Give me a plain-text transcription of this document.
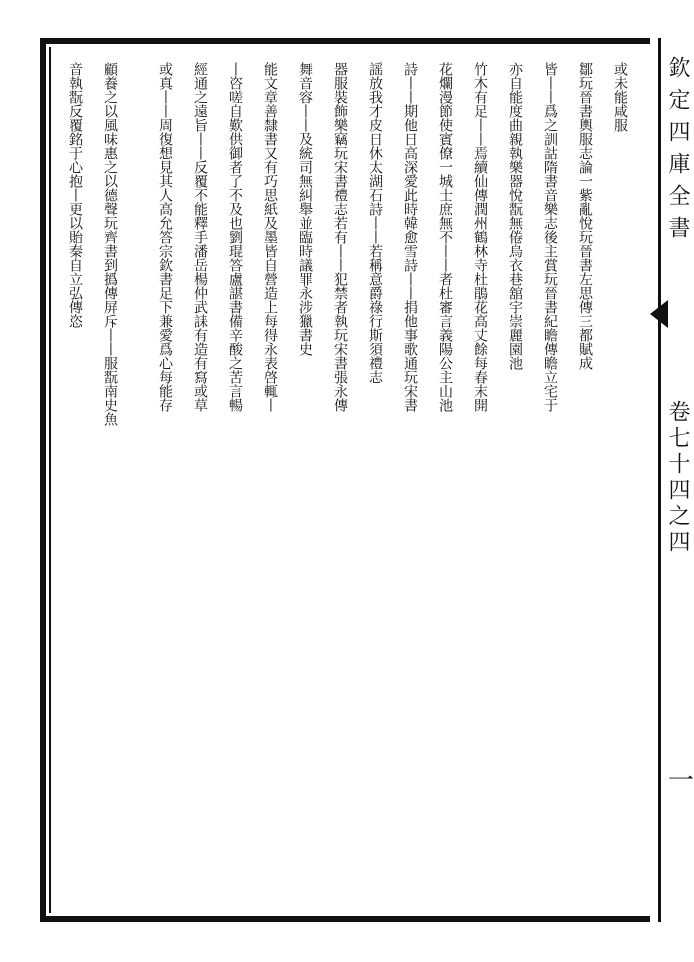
欽定四庫全書
卷七十四之四
一
或未能咸服
鄒玩晉書輿服志論一紫亂悅玩晉書左思傳三都賦成
皆丨丨爲之訓詁隋書音樂志後主賞玩晉書紀瞻傳瞻立宅于
亦自能度曲親執樂器悅翫無倦烏衣巷舘宇崇麗園池
竹木有足丨丨焉續仙傳潤州鶴林寺杜鵑花高丈餘每春末開
花爛漫節使賓僚一城士庶無不丨丨者杜審言義陽公主山池
詩丨丨期他日高深愛此時韓愈雪詩丨丨捐他事歌通玩宋書
謡放我才皮日休太湖石詩丨丨若稱意爵祿行斯須禮志
器服裝飾樂竊玩宋書禮志若有丨丨犯禁者執玩宋書張永傳
舞音容丨丨及統司無糾舉並臨時議罪永涉獵書史
能文章善隸書又有巧思紙及墨皆自營造上每得永表啓輒丨
丨咨嗟自歎供御者了不及也劉琨答盧諶書備辛酸之苦言暢
經通之遠旨丨丨反覆不能釋手潘岳楊仲武誄有造有寫或草
或真丨丨周復想見其人高允答宗欽書足下兼愛爲心每能存
顧養之以風味惠之以德聲玩齊書到撝傳屏斥丨丨服翫南史魚
音執翫反覆銘于心抱丨更以貽秦自立弘傳恣
